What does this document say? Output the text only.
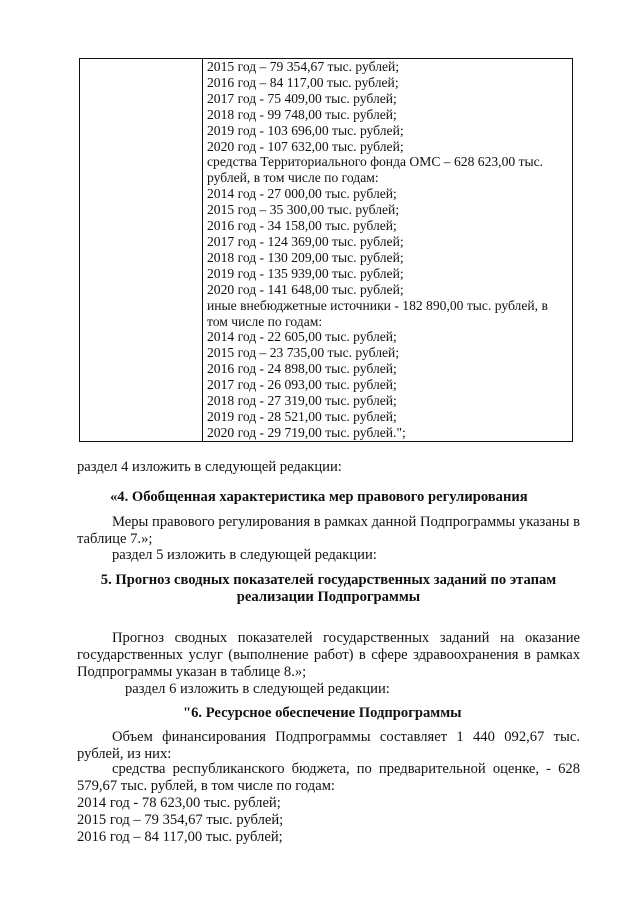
2015 год – 79 354,67 тыс. рублей;
2016 год – 84 117,00 тыс. рублей;
2017 год - 75 409,00 тыс. рублей;
2018 год - 99 748,00 тыс. рублей;
2019 год - 103 696,00 тыс. рублей;
2020 год - 107 632,00 тыс. рублей;
средства Территориального фонда ОМС – 628 623,00 тыс. рублей, в том числе по годам:
2014 год - 27 000,00 тыс. рублей;
2015 год – 35 300,00 тыс. рублей;
2016 год - 34 158,00 тыс. рублей;
2017 год - 124 369,00 тыс. рублей;
2018 год - 130 209,00 тыс. рублей;
2019 год - 135 939,00 тыс. рублей;
2020 год - 141 648,00 тыс. рублей;
иные внебюджетные источники - 182 890,00 тыс. рублей, в том числе по годам:
2014 год - 22 605,00 тыс. рублей;
2015 год – 23 735,00 тыс. рублей;
2016 год - 24 898,00 тыс. рублей;
2017 год - 26 093,00 тыс. рублей;
2018 год - 27 319,00 тыс. рублей;
2019 год - 28 521,00 тыс. рублей;
2020 год - 29 719,00 тыс. рублей.";
раздел 4 изложить в следующей редакции:
«4. Обобщенная характеристика мер правового регулирования
Меры правового регулирования в рамках данной Подпрограммы указаны в таблице 7.»;
раздел 5 изложить в следующей редакции:
5. Прогноз сводных показателей государственных заданий по этапам
реализации Подпрограммы
Прогноз сводных показателей государственных заданий на оказание государственных услуг (выполнение работ) в сфере здравоохранения в рамках Подпрограммы указан в таблице 8.»;
раздел 6 изложить в следующей редакции:
"6. Ресурсное обеспечение Подпрограммы
Объем финансирования Подпрограммы составляет 1 440 092,67 тыс. рублей, из них:
средства республиканского бюджета, по предварительной оценке, - 628 579,67 тыс. рублей, в том числе по годам:
2014 год - 78 623,00 тыс. рублей;
2015 год – 79 354,67 тыс. рублей;
2016 год – 84 117,00 тыс. рублей;
